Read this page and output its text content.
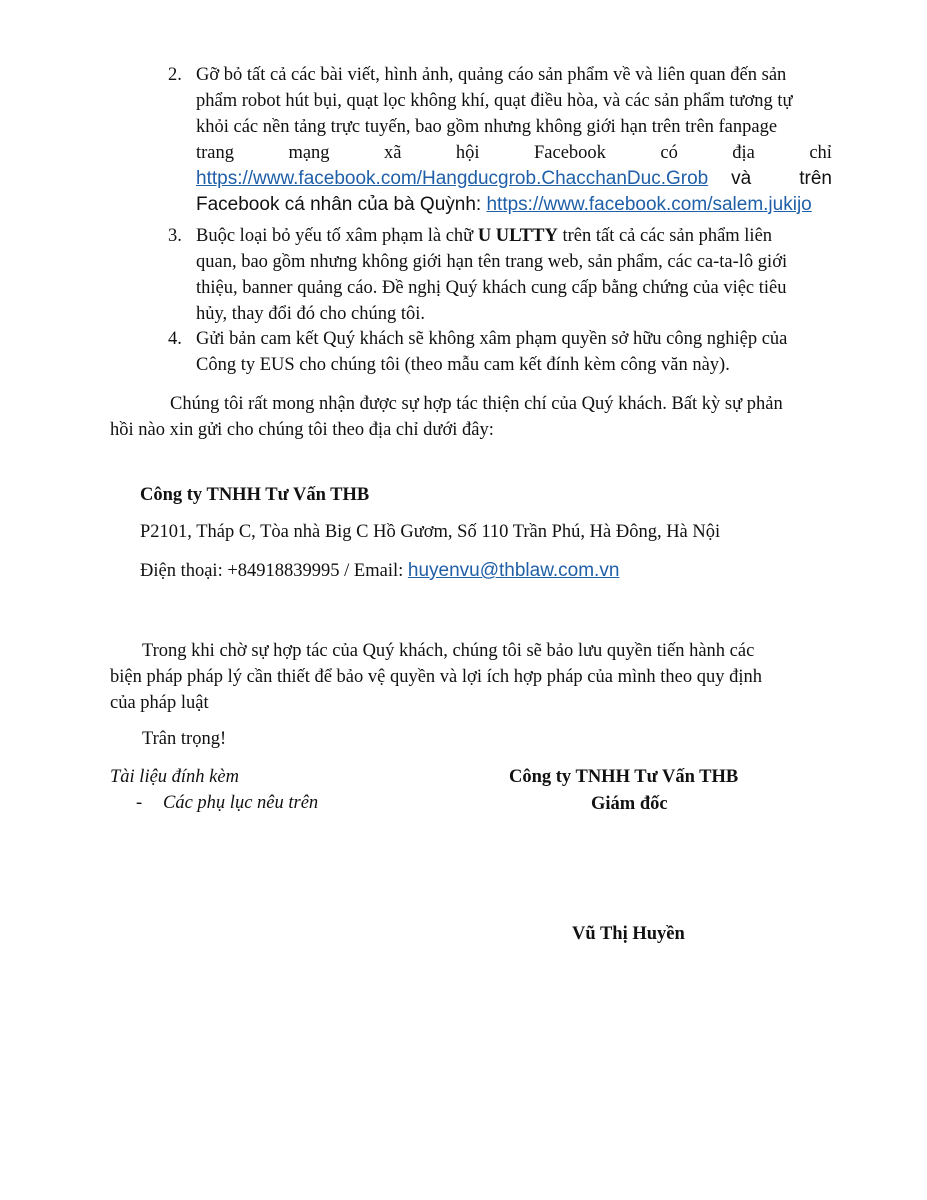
2. Gỡ bỏ tất cả các bài viết, hình ảnh, quảng cáo sản phẩm về và liên quan đến sản
phẩm robot hút bụi, quạt lọc không khí, quạt điều hòa, và các sản phẩm tương tự
khỏi các nền tảng trực tuyến, bao gồm nhưng không giới hạn trên trên fanpage
trang	mạng	xã	hội	Facebook	có	địa	chỉ
https://www.facebook.com/Hangducgrob.ChacchanDuc.Grob và	trên
Facebook cá nhân của bà Quỳnh: https://www.facebook.com/salem.jukijo
3. Buộc loại bỏ yếu tố xâm phạm là chữ U ULTTY trên tất cả các sản phẩm liên
quan, bao gồm nhưng không giới hạn tên trang web, sản phẩm, các ca-ta-lô giới
thiệu, banner quảng cáo. Đề nghị Quý khách cung cấp bằng chứng của việc tiêu
hủy, thay đổi đó cho chúng tôi.
4. Gửi bản cam kết Quý khách sẽ không xâm phạm quyền sở hữu công nghiệp của
Công ty EUS cho chúng tôi (theo mẫu cam kết đính kèm công văn này).
Chúng tôi rất mong nhận được sự hợp tác thiện chí của Quý khách. Bất kỳ sự phản
hồi nào xin gửi cho chúng tôi theo địa chỉ dưới đây:
Công ty TNHH Tư Vấn THB
P2101, Tháp C, Tòa nhà Big C Hồ Gươm, Số 110 Trần Phú, Hà Đông, Hà Nội
Điện thoại: +84918839995 / Email: huyenvu@thblaw.com.vn
Trong khi chờ sự hợp tác của Quý khách, chúng tôi sẽ bảo lưu quyền tiến hành các
biện pháp pháp lý cần thiết để bảo vệ quyền và lợi ích hợp pháp của mình theo quy định
của pháp luật
Trân trọng!
Tài liệu đính kèm
- Các phụ lục nêu trên
Công ty TNHH Tư Vấn THB
Giám đốc
Vũ Thị Huyền
